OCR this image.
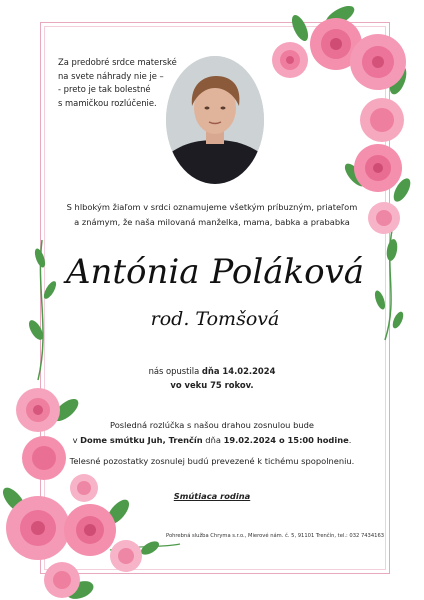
Za predobré srdce materské
na svete náhrady nie je –
- preto je tak bolestné
s mamičkou rozlúčenie.
S hlbokým žiaľom v srdci oznamujeme všetkým príbuzným, priateľom
a známym, že naša milovaná manželka, mama, babka a prababka
Antónia Poláková
rod. Tomšová
nás opustila dňa 14.02.2024
vo veku 75 rokov.
Posledná rozlúčka s našou drahou zosnulou bude
v Dome smútku Juh, Trenčín dňa 19.02.2024 o 15:00 hodine.
Telesné pozostatky zosnulej budú prevezené k tichému spopolneniu.
Smútiaca rodina
Pohrebná služba Chryma s.r.o., Mierové nám. č. 5, 91101 Trenčín, tel.: 032 7434163
